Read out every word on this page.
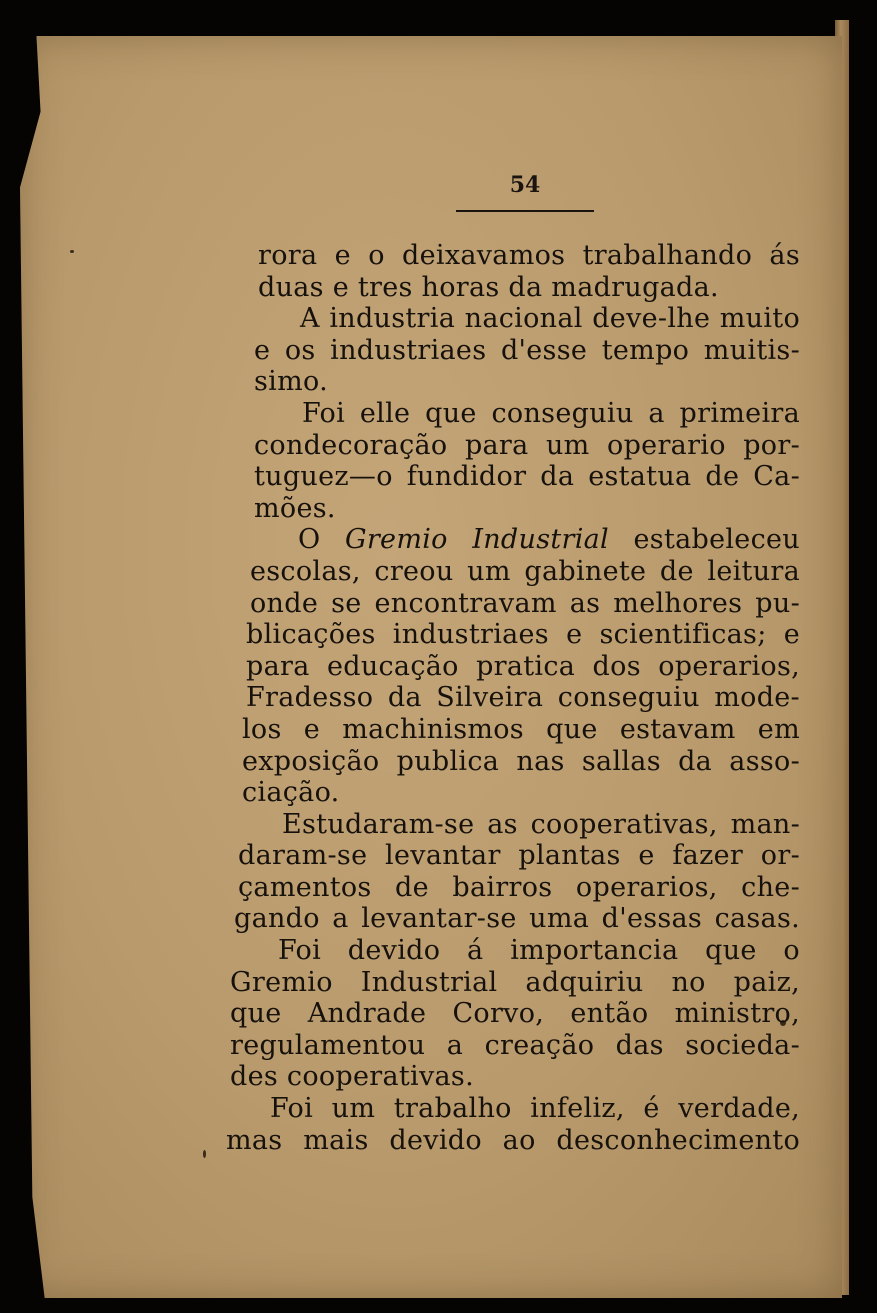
54
rora e o deixavamos trabalhando ás
duas e tres horas da madrugada.
A industria nacional deve-lhe muito
e os industriaes d'esse tempo muitis-
simo.
Foi elle que conseguiu a primeira
condecoração para um operario por-
tuguez—o fundidor da estatua de Ca-
mões.
O Gremio Industrial estabeleceu
escolas, creou um gabinete de leitura
onde se encontravam as melhores pu-
blicações industriaes e scientificas; e
para educação pratica dos operarios,
Fradesso da Silveira conseguiu mode-
los e machinismos que estavam em
exposição publica nas sallas da asso-
ciação.
Estudaram-se as cooperativas, man-
daram-se levantar plantas e fazer or-
çamentos de bairros operarios, che-
gando a levantar-se uma d'essas casas.
Foi devido á importancia que o
Gremio Industrial adquiriu no paiz,
que Andrade Corvo, então ministro,
regulamentou a creação das socieda-
des cooperativas.
Foi um trabalho infeliz, é verdade,
mas mais devido ao desconhecimento
